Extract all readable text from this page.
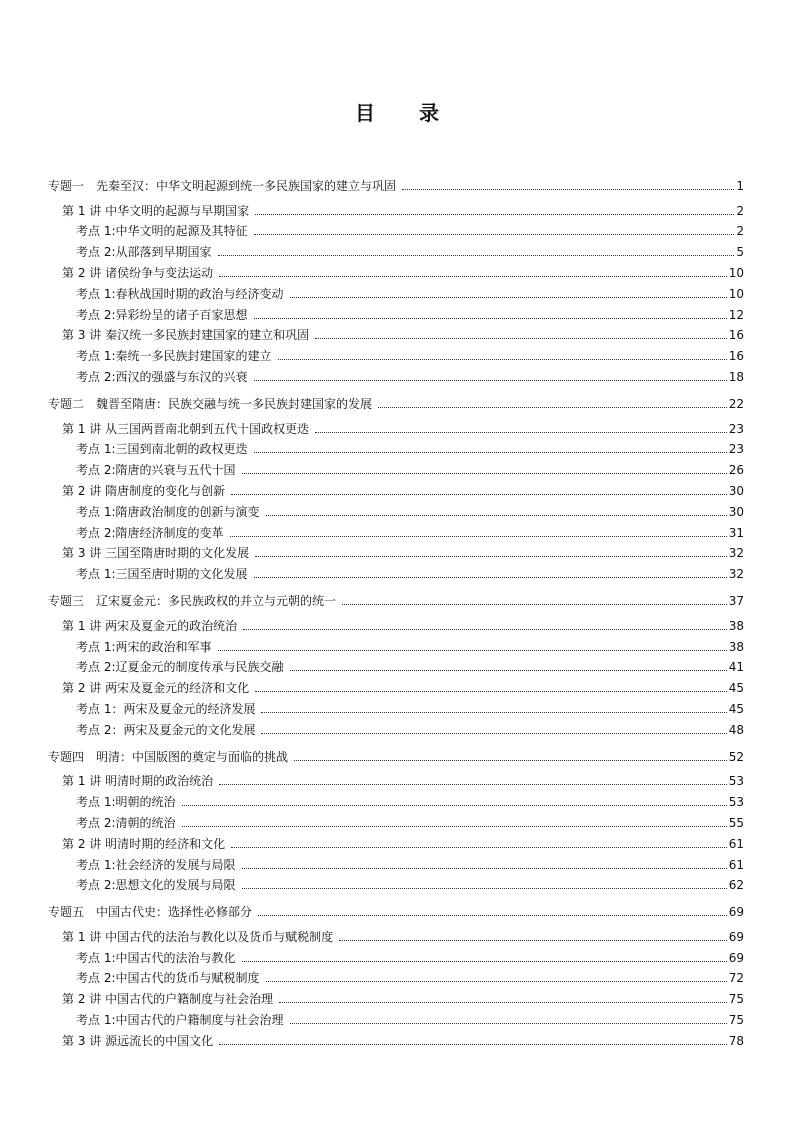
目 录
专题一　先秦至汉：中华文明起源到统一多民族国家的建立与巩固	1
第 1 讲 中华文明的起源与早期国家	2
考点 1:中华文明的起源及其特征	2
考点 2:从部落到早期国家	5
第 2 讲 诸侯纷争与变法运动	10
考点 1:春秋战国时期的政治与经济变动	10
考点 2:异彩纷呈的诸子百家思想	12
第 3 讲 秦汉统一多民族封建国家的建立和巩固	16
考点 1:秦统一多民族封建国家的建立	16
考点 2:西汉的强盛与东汉的兴衰	18
专题二　魏晋至隋唐：民族交融与统一多民族封建国家的发展	22
第 1 讲 从三国两晋南北朝到五代十国政权更迭	23
考点 1:三国到南北朝的政权更迭	23
考点 2:隋唐的兴衰与五代十国	26
第 2 讲 隋唐制度的变化与创新	30
考点 1:隋唐政治制度的创新与演变	30
考点 2:隋唐经济制度的变革	31
第 3 讲 三国至隋唐时期的文化发展	32
考点 1:三国至唐时期的文化发展	32
专题三　辽宋夏金元：多民族政权的并立与元朝的统一	37
第 1 讲 两宋及夏金元的政治统治	38
考点 1:两宋的政治和军事	38
考点 2:辽夏金元的制度传承与民族交融	41
第 2 讲 两宋及夏金元的经济和文化	45
考点 1：两宋及夏金元的经济发展	45
考点 2：两宋及夏金元的文化发展	48
专题四　明清：中国版图的奠定与面临的挑战	52
第 1 讲 明清时期的政治统治	53
考点 1:明朝的统治	53
考点 2:清朝的统治	55
第 2 讲 明清时期的经济和文化	61
考点 1:社会经济的发展与局限	61
考点 2:思想文化的发展与局限	62
专题五　中国古代史：选择性必修部分	69
第 1 讲 中国古代的法治与教化以及货币与赋税制度	69
考点 1:中国古代的法治与教化	69
考点 2:中国古代的货币与赋税制度	72
第 2 讲 中国古代的户籍制度与社会治理	75
考点 1:中国古代的户籍制度与社会治理	75
第 3 讲 源远流长的中国文化	78
